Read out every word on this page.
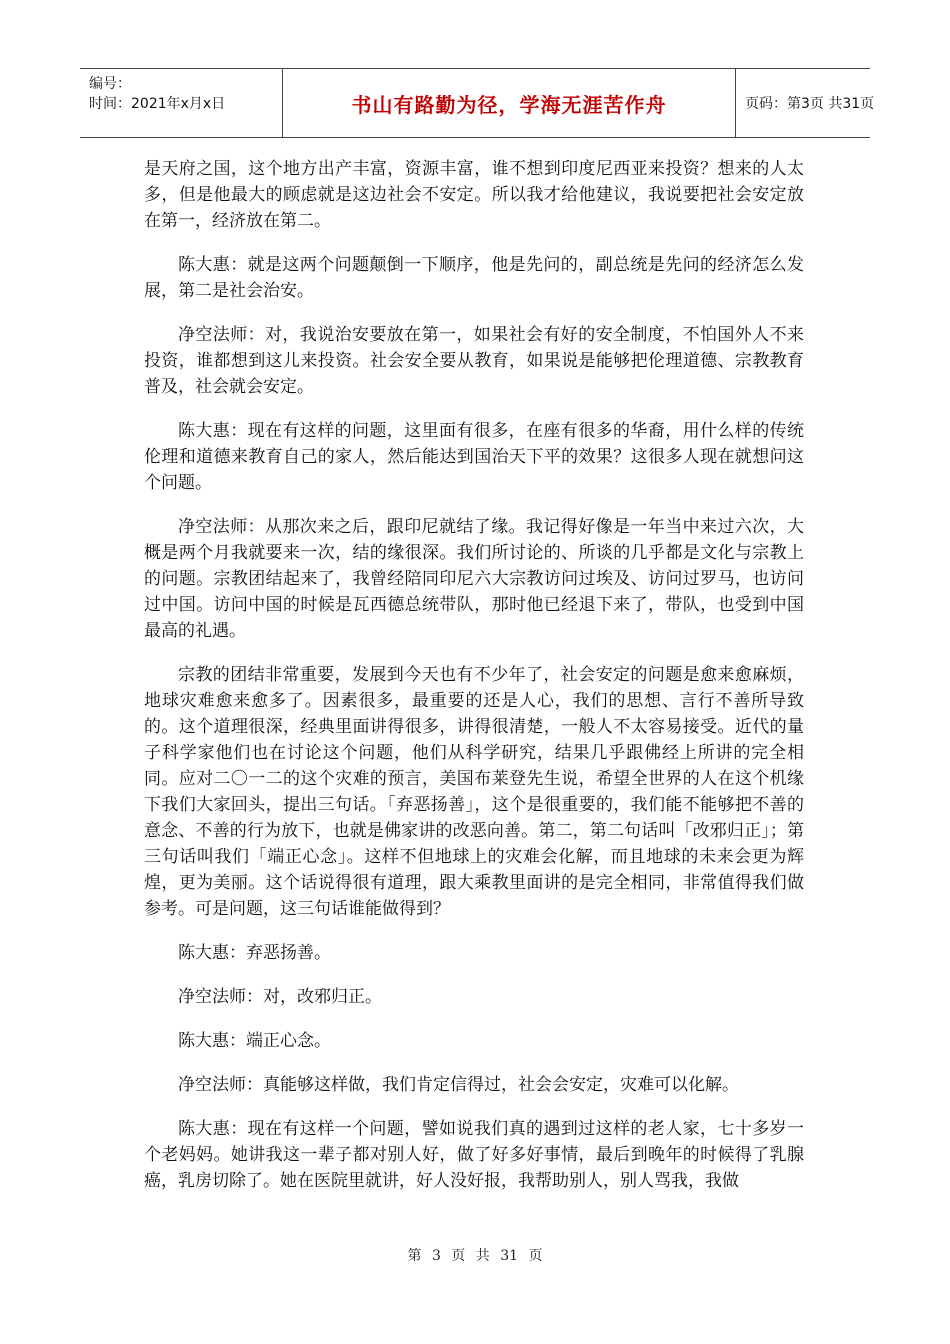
编号：
时间：2021年x月x日	书山有路勤为径，学海无涯苦作舟	页码：第3页 共31页

是天府之国，这个地方出产丰富，资源丰富，谁不想到印度尼西亚来投资？想来的人太多，但是他最大的顾虑就是这边社会不安定。所以我才给他建议，我说要把社会安定放在第一，经济放在第二。

陈大惠：就是这两个问题颠倒一下顺序，他是先问的，副总统是先问的经济怎么发展，第二是社会治安。

净空法师：对，我说治安要放在第一，如果社会有好的安全制度，不怕国外人不来投资，谁都想到这儿来投资。社会安全要从教育，如果说是能够把伦理道德、宗教教育普及，社会就会安定。

陈大惠：现在有这样的问题，这里面有很多，在座有很多的华裔，用什么样的传统伦理和道德来教育自己的家人，然后能达到国治天下平的效果？这很多人现在就想问这个问题。

净空法师：从那次来之后，跟印尼就结了缘。我记得好像是一年当中来过六次，大概是两个月我就要来一次，结的缘很深。我们所讨论的、所谈的几乎都是文化与宗教上的问题。宗教团结起来了，我曾经陪同印尼六大宗教访问过埃及、访问过罗马，也访问过中国。访问中国的时候是瓦西德总统带队，那时他已经退下来了，带队，也受到中国最高的礼遇。

宗教的团结非常重要，发展到今天也有不少年了，社会安定的问题是愈来愈麻烦，地球灾难愈来愈多了。因素很多，最重要的还是人心，我们的思想、言行不善所导致的。这个道理很深，经典里面讲得很多，讲得很清楚，一般人不太容易接受。近代的量子科学家他们也在讨论这个问题，他们从科学研究，结果几乎跟佛经上所讲的完全相同。应对二〇一二的这个灾难的预言，美国布莱登先生说，希望全世界的人在这个机缘下我们大家回头，提出三句话。「弃恶扬善」，这个是很重要的，我们能不能够把不善的意念、不善的行为放下，也就是佛家讲的改恶向善。第二，第二句话叫「改邪归正」；第三句话叫我们「端正心念」。这样不但地球上的灾难会化解，而且地球的未来会更为辉煌，更为美丽。这个话说得很有道理，跟大乘教里面讲的是完全相同，非常值得我们做参考。可是问题，这三句话谁能做得到？

陈大惠：弃恶扬善。

净空法师：对，改邪归正。

陈大惠：端正心念。

净空法师：真能够这样做，我们肯定信得过，社会会安定，灾难可以化解。

陈大惠：现在有这样一个问题，譬如说我们真的遇到过这样的老人家，七十多岁一个老妈妈。她讲我这一辈子都对别人好，做了好多好事情，最后到晚年的时候得了乳腺癌，乳房切除了。她在医院里就讲，好人没好报，我帮助别人，别人骂我，我做

第 3 页 共 31 页
